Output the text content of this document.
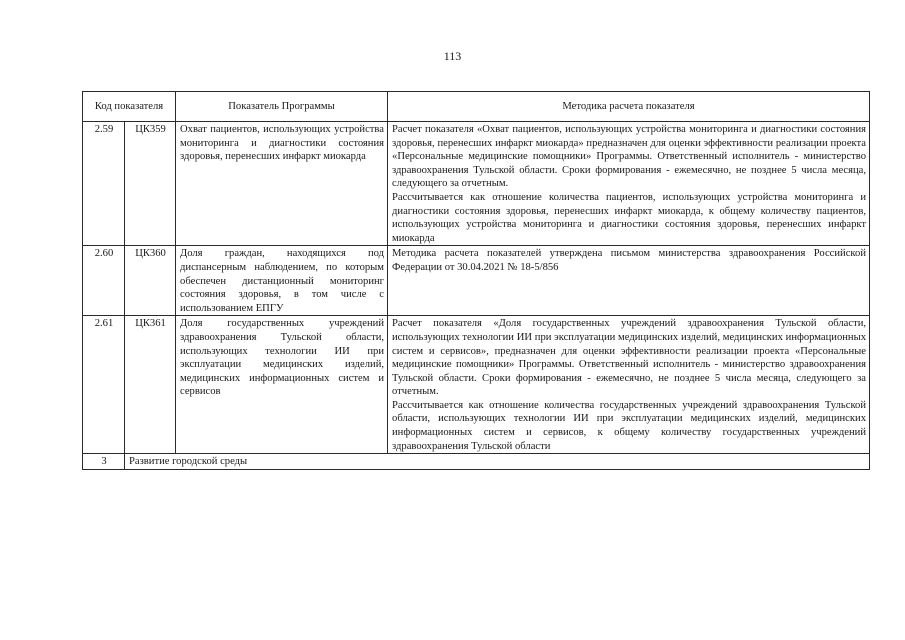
113
Код показателя		Показатель Программы	Методика расчета показателя
2.59	ЦК359	Охват пациентов, использующих устройства мониторинга и диагностики состояния здоровья, перенесших инфаркт миокарда	Расчет показателя «Охват пациентов, использующих устройства мониторинга и диагностики состояния здоровья, перенесших инфаркт миокарда» предназначен для оценки эффективности реализации проекта «Персональные медицинские помощники» Программы. Ответственный исполнитель - министерство здравоохранения Тульской области. Сроки формирования - ежемесячно, не позднее 5 числа месяца, следующего за отчетным.
Рассчитывается как отношение количества пациентов, использующих устройства мониторинга и диагностики состояния здоровья, перенесших инфаркт миокарда, к общему количеству пациентов, использующих устройства мониторинга и диагностики состояния здоровья, перенесших инфаркт миокарда

2.60	ЦК360	Доля граждан, находящихся под диспансерным наблюдением, по которым обеспечен дистанционный мониторинг состояния здоровья, в том числе с использованием ЕПГУ	Методика расчета показателей утверждена письмом министерства здравоохранения Российской Федерации от 30.04.2021 № 18-5/856

2.61	ЦК361	Доля государственных учреждений здравоохранения Тульской области, использующих технологии ИИ при эксплуатации медицинских изделий, медицинских информационных систем и сервисов	Расчет показателя «Доля государственных учреждений здравоохранения Тульской области, использующих технологии ИИ при эксплуатации медицинских изделий, медицинских информационных систем и сервисов», предназначен для оценки эффективности реализации проекта «Персональные медицинские помощники» Программы. Ответственный исполнитель - министерство здравоохранения Тульской области. Сроки формирования - ежемесячно, не позднее 5 числа месяца, следующего за отчетным.
Рассчитывается как отношение количества государственных учреждений здравоохранения Тульской области, использующих технологии ИИ при эксплуатации медицинских изделий, медицинских информационных систем и сервисов, к общему количеству государственных учреждений здравоохранения Тульской области

3	Развитие городской среды		
